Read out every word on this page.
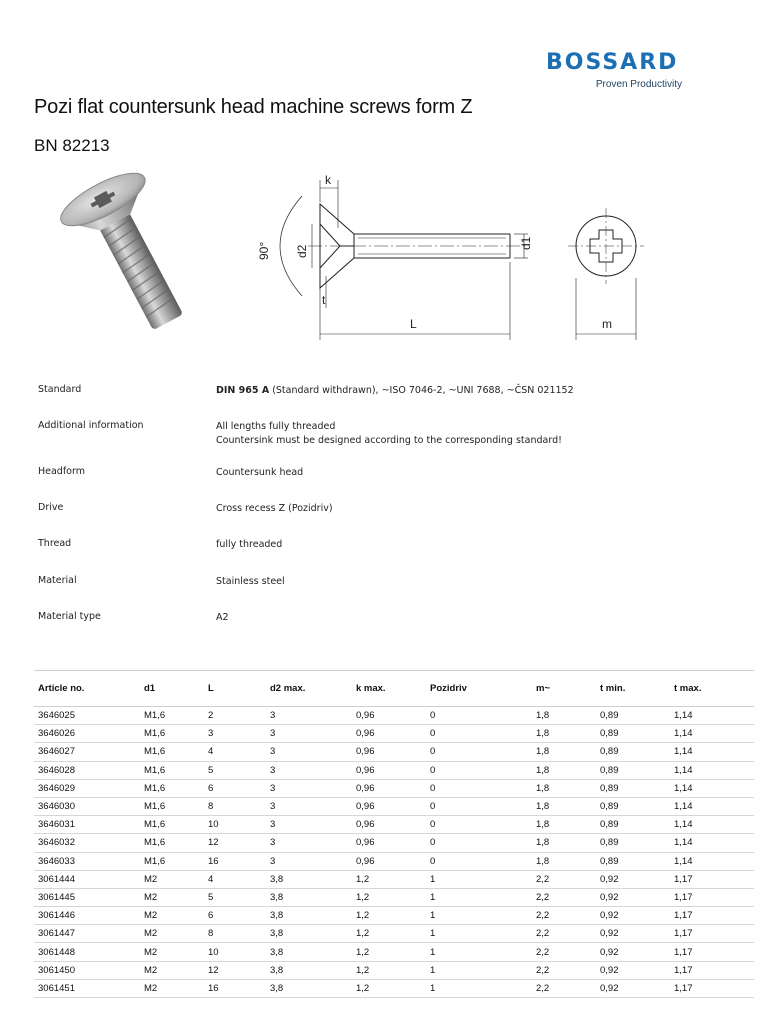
BOSSARD
Proven Productivity
Pozi flat countersunk head machine screws form Z
BN 82213
k
d1
d2
90°
t
L	m
Standard	DIN 965 A (Standard withdrawn), ~ISO 7046-2, ~UNI 7688, ~ČSN 021152
Additional information	All lengths fully threaded
Countersink must be designed according to the corresponding standard!
Headform	Countersunk head
Drive	Cross recess Z (Pozidriv)
Thread	fully threaded
Material	Stainless steel
Material type	A2
Article no.	d1	L	d2 max.	k max.	Pozidriv	m~	t min.	t max.
3646025	M1,6	2	3	0,96	0	1,8	0,89	1,14
3646026	M1,6	3	3	0,96	0	1,8	0,89	1,14
3646027	M1,6	4	3	0,96	0	1,8	0,89	1,14
3646028	M1,6	5	3	0,96	0	1,8	0,89	1,14
3646029	M1,6	6	3	0,96	0	1,8	0,89	1,14
3646030	M1,6	8	3	0,96	0	1,8	0,89	1,14
3646031	M1,6	10	3	0,96	0	1,8	0,89	1,14
3646032	M1,6	12	3	0,96	0	1,8	0,89	1,14
3646033	M1,6	16	3	0,96	0	1,8	0,89	1,14
3061444	M2	4	3,8	1,2	1	2,2	0,92	1,17
3061445	M2	5	3,8	1,2	1	2,2	0,92	1,17
3061446	M2	6	3,8	1,2	1	2,2	0,92	1,17
3061447	M2	8	3,8	1,2	1	2,2	0,92	1,17
3061448	M2	10	3,8	1,2	1	2,2	0,92	1,17
3061450	M2	12	3,8	1,2	1	2,2	0,92	1,17
3061451	M2	16	3,8	1,2	1	2,2	0,92	1,17
